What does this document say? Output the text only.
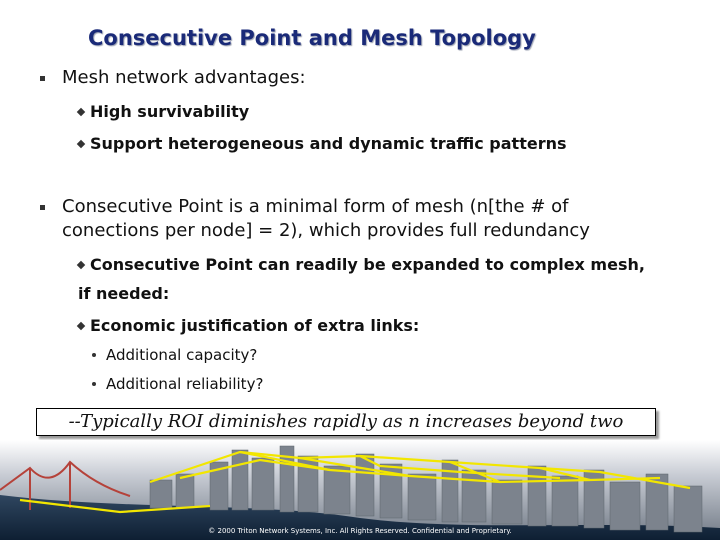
Consecutive Point and Mesh Topology
Mesh network advantages:
High survivability
Support heterogeneous and dynamic traffic patterns
Consecutive Point is a minimal form of mesh (n[the # of conections per node] = 2), which provides full redundancy
Consecutive Point can readily be expanded to complex mesh,
if needed:
Economic justification of extra links:
Additional capacity?
Additional reliability?
--Typically ROI diminishes rapidly as n increases beyond two
© 2000 Triton Network Systems, Inc. All Rights Reserved. Confidential and Proprietary.
